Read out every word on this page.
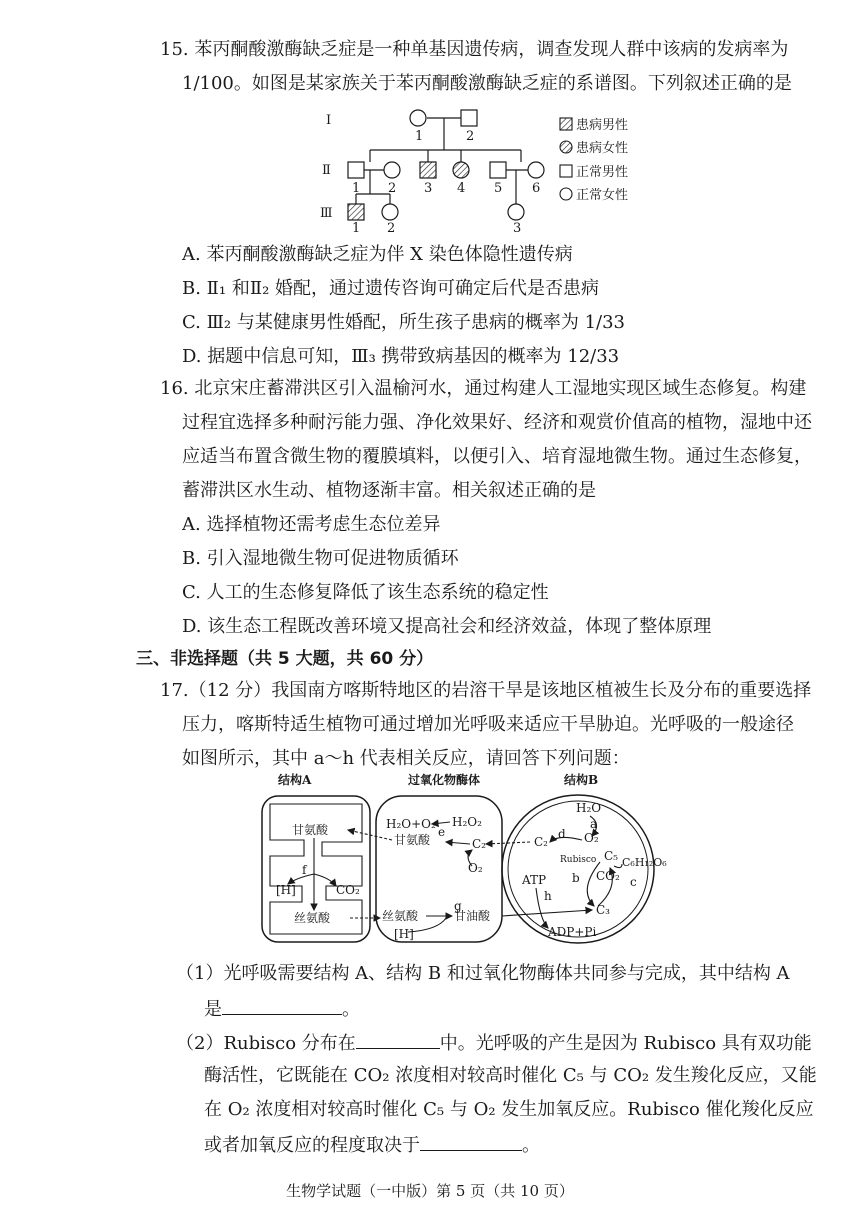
15. 苯丙酮酸激酶缺乏症是一种单基因遗传病，调查发现人群中该病的发病率为
1/100。如图是某家族关于苯丙酮酸激酶缺乏症的系谱图。下列叙述正确的是
Ⅰ
Ⅱ
Ⅲ
1	2
1 2 3 4 5 6
1 2	3
患病男性
患病女性
正常男性
正常女性
A. 苯丙酮酸激酶缺乏症为伴 X 染色体隐性遗传病
B. Ⅱ₁ 和Ⅱ₂ 婚配，通过遗传咨询可确定后代是否患病
C. Ⅲ₂ 与某健康男性婚配，所生孩子患病的概率为 1/33
D. 据题中信息可知，Ⅲ₃ 携带致病基因的概率为 12/33
16. 北京宋庄蓄滞洪区引入温榆河水，通过构建人工湿地实现区域生态修复。构建
过程宜选择多种耐污能力强、净化效果好、经济和观赏价值高的植物，湿地中还
应适当布置含微生物的覆膜填料，以便引入、培育湿地微生物。通过生态修复，
蓄滞洪区水生动、植物逐渐丰富。相关叙述正确的是
A. 选择植物还需考虑生态位差异
B. 引入湿地微生物可促进物质循环
C. 人工的生态修复降低了该生态系统的稳定性
D. 该生态工程既改善环境又提高社会和经济效益，体现了整体原理
三、非选择题（共 5 大题，共 60 分）
17.（12 分）我国南方喀斯特地区的岩溶干旱是该地区植被生长及分布的重要选择
压力，喀斯特适生植物可通过增加光呼吸来适应干旱胁迫。光呼吸的一般途径
如图所示，其中 a～h 代表相关反应，请回答下列问题：
结构A	过氧化物酶体	结构B
甘氨酸
f
[H]	CO₂
丝氨酸
H₂O+O₂ H₂O₂
e
甘氨酸	C₂
O₂
丝氨酸
g
[H]
甘油酸
H₂O
a
O₂
d
C₂
Rubisco C₅
b CO₂ c
C₆H₁₂O₆
ATP
h
C₃
ADP+Pi
（1）光呼吸需要结构 A、结构 B 和过氧化物酶体共同参与完成，其中结构 A
是	。
（2）Rubisco 分布在	中。光呼吸的产生是因为 Rubisco 具有双功能
酶活性，它既能在 CO₂ 浓度相对较高时催化 C₅ 与 CO₂ 发生羧化反应，又能
在 O₂ 浓度相对较高时催化 C₅ 与 O₂ 发生加氧反应。Rubisco 催化羧化反应
或者加氧反应的程度取决于	。
生物学试题（一中版）第 5 页（共 10 页）
